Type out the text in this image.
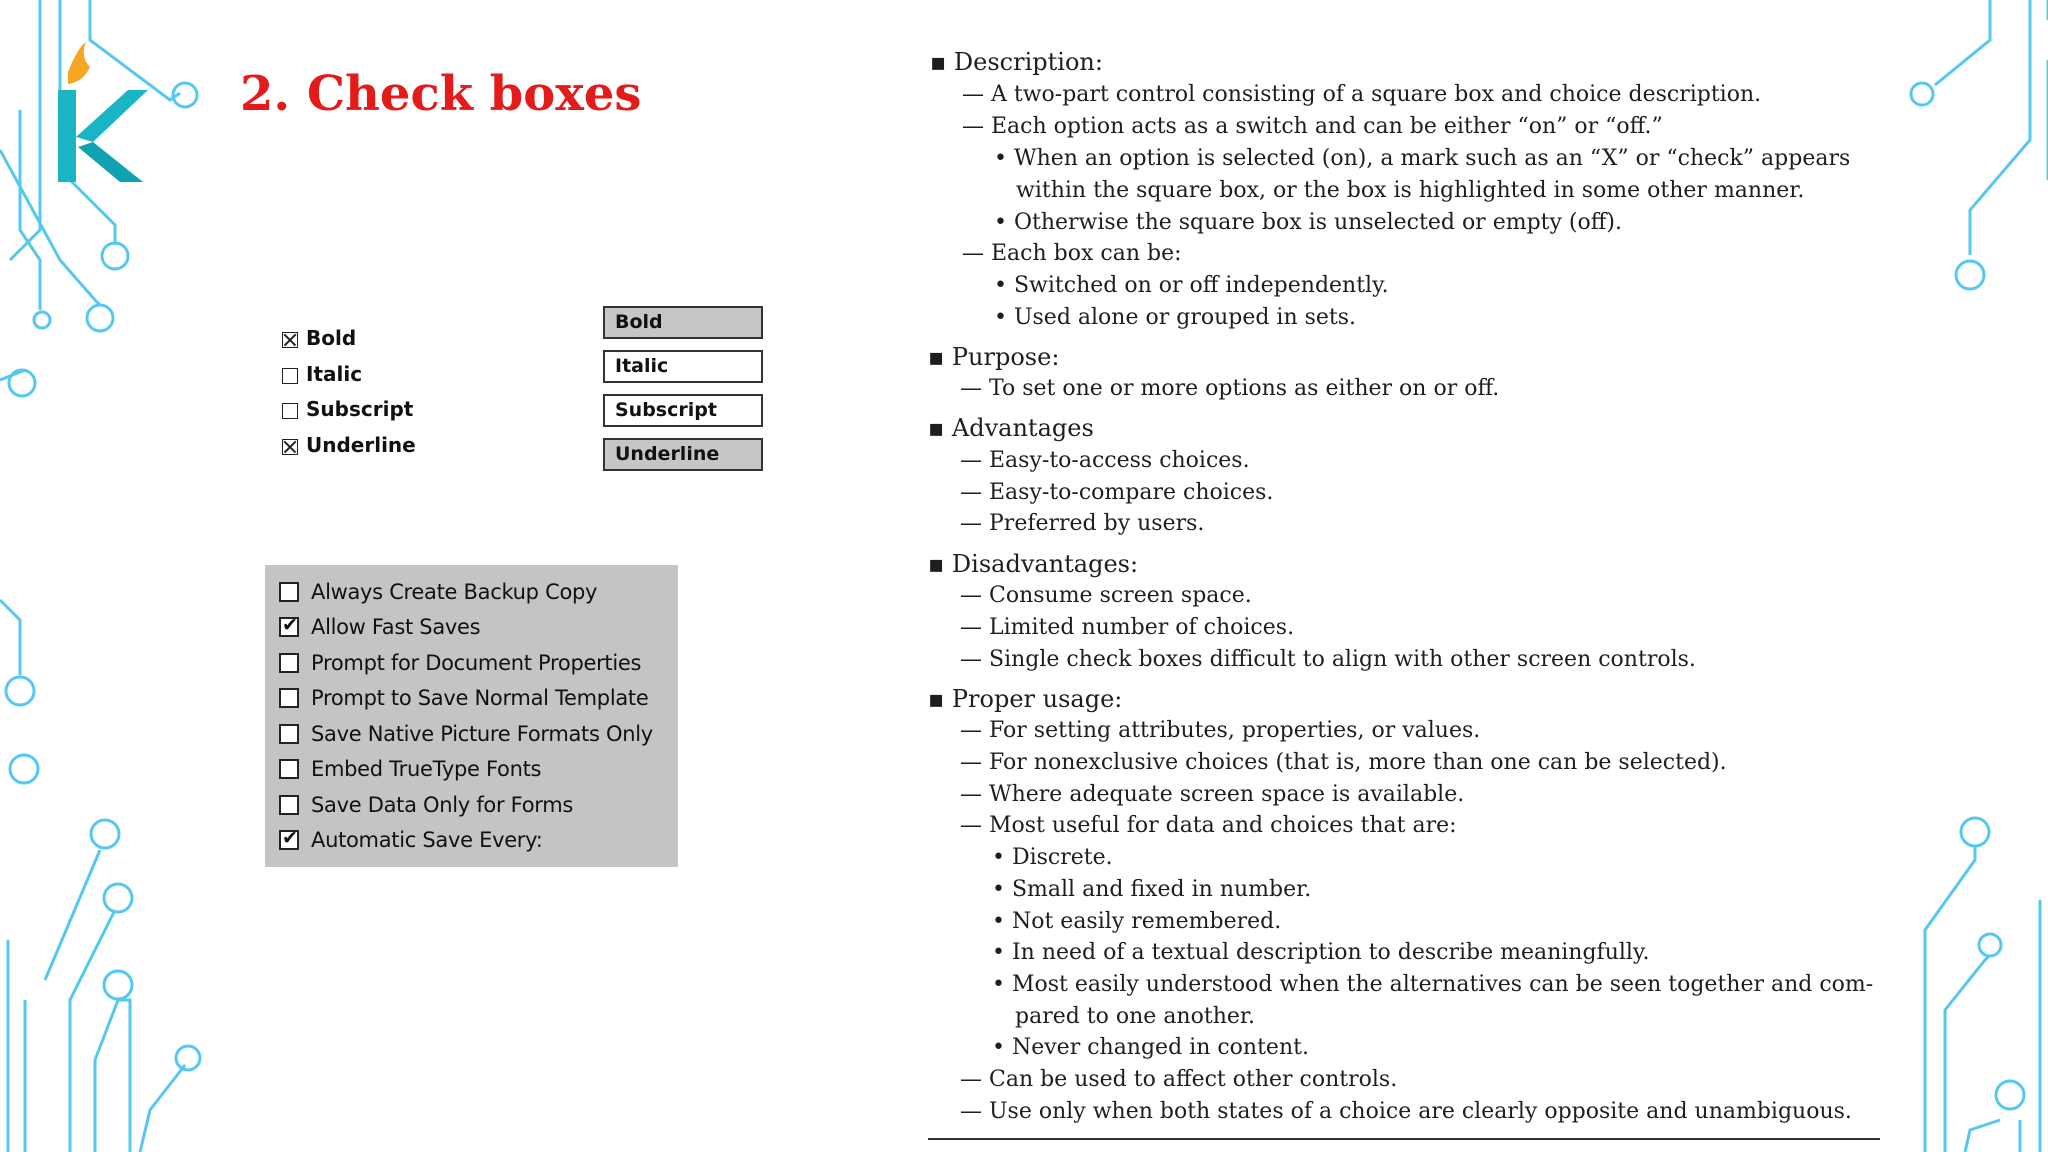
2. Check boxes
Bold
Italic
Subscript
Underline
Bold
Italic
Subscript
Underline
Always Create Backup Copy
✔Allow Fast Saves
Prompt for Document Properties
Prompt to Save Normal Template
Save Native Picture Formats Only
Embed TrueType Fonts
Save Data Only for Forms
✔Automatic Save Every:
▪ Description:
— A two-part control consisting of a square box and choice description.
— Each option acts as a switch and can be either “on” or “off.”
• When an option is selected (on), a mark such as an “X” or “check” appears
within the square box, or the box is highlighted in some other manner.
• Otherwise the square box is unselected or empty (off).
— Each box can be:
• Switched on or off independently.
• Used alone or grouped in sets.
▪ Purpose:
— To set one or more options as either on or off.
▪ Advantages
— Easy-to-access choices.
— Easy-to-compare choices.
— Preferred by users.
▪ Disadvantages:
— Consume screen space.
— Limited number of choices.
— Single check boxes difficult to align with other screen controls.
▪ Proper usage:
— For setting attributes, properties, or values.
— For nonexclusive choices (that is, more than one can be selected).
— Where adequate screen space is available.
— Most useful for data and choices that are:
• Discrete.
• Small and fixed in number.
• Not easily remembered.
• In need of a textual description to describe meaningfully.
• Most easily understood when the alternatives can be seen together and com-
pared to one another.
• Never changed in content.
— Can be used to affect other controls.
— Use only when both states of a choice are clearly opposite and unambiguous.
